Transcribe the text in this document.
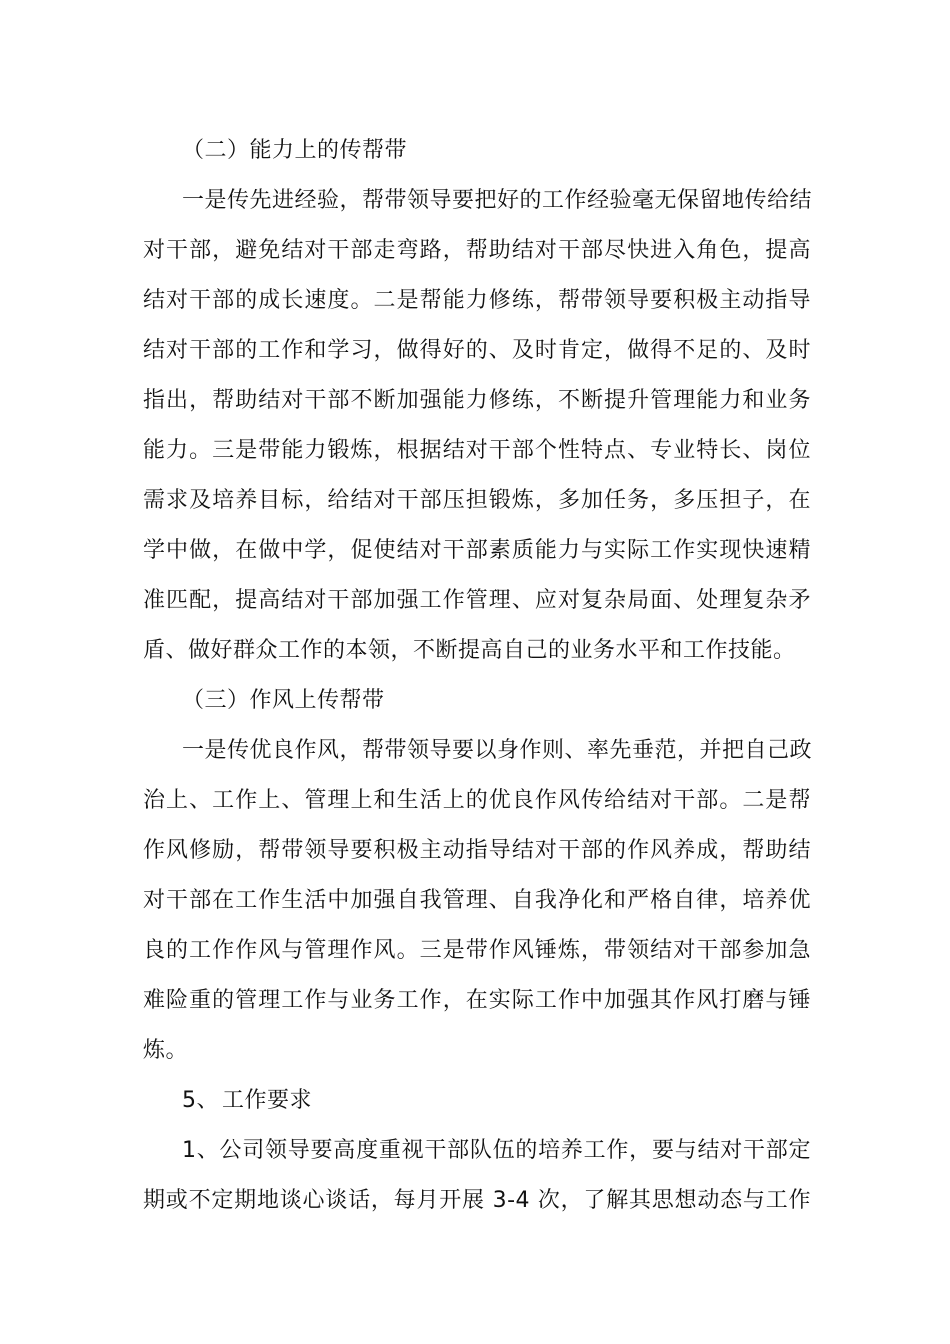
（二）能力上的传帮带

一是传先进经验，帮带领导要把好的工作经验毫无保留地传给结
对干部，避免结对干部走弯路，帮助结对干部尽快进入角色，提高
结对干部的成长速度。二是帮能力修练，帮带领导要积极主动指导
结对干部的工作和学习，做得好的、及时肯定，做得不足的、及时
指出，帮助结对干部不断加强能力修练，不断提升管理能力和业务
能力。三是带能力锻炼，根据结对干部个性特点、专业特长、岗位
需求及培养目标，给结对干部压担锻炼，多加任务，多压担子，在
学中做，在做中学，促使结对干部素质能力与实际工作实现快速精
准匹配，提高结对干部加强工作管理、应对复杂局面、处理复杂矛
盾、做好群众工作的本领，不断提高自己的业务水平和工作技能。

（三）作风上传帮带

一是传优良作风，帮带领导要以身作则、率先垂范，并把自己政
治上、工作上、管理上和生活上的优良作风传给结对干部。二是帮
作风修励，帮带领导要积极主动指导结对干部的作风养成，帮助结
对干部在工作生活中加强自我管理、自我净化和严格自律，培养优
良的工作作风与管理作风。三是带作风锤炼，带领结对干部参加急
难险重的管理工作与业务工作，在实际工作中加强其作风打磨与锤
炼。

5、 工作要求

1、公司领导要高度重视干部队伍的培养工作，要与结对干部定
期或不定期地谈心谈话，每月开展 3-4 次，了解其思想动态与工作
